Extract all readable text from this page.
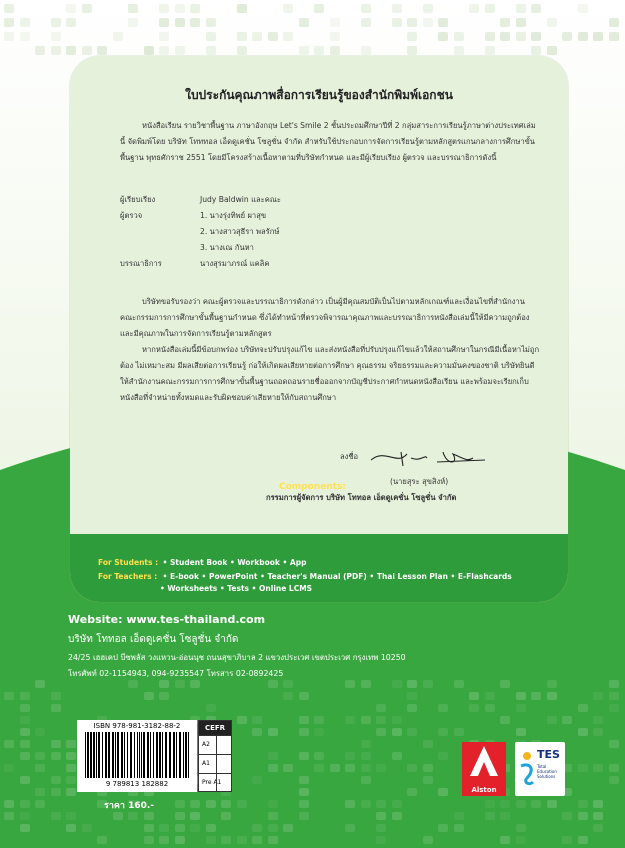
ใบประกันคุณภาพสื่อการเรียนรู้ของสำนักพิมพ์เอกชน
หนังสือเรียน รายวิชาพื้นฐาน ภาษาอังกฤษ Let's Smile 2 ชั้นประถมศึกษาปีที่ 2 กลุ่มสาระการเรียนรู้ภาษาต่างประเทศเล่มนี้ จัดพิมพ์โดย บริษัท โทททอล เอ็ดดูเคชั่น โซลูชั่น จำกัด สำหรับใช้ประกอบการจัดการเรียนรู้ตามหลักสูตรแกนกลางการศึกษาขั้นพื้นฐาน พุทธศักราช 2551 โดยมีโครงสร้างเนื้อหาตามที่บริษัทกำหนด และมีผู้เรียบเรียง ผู้ตรวจ และบรรณาธิการดังนี้
ผู้เรียบเรียง	Judy Baldwin และคณะ
ผู้ตรวจ	1. นางรุ่งทิพย์ ผาสุข
2. นางสาวสุธีรา พลรักษ์
3. นางเณ กันหา
บรรณาธิการ	นางสุรมาภรณ์ แคลิค
บริษัทขอรับรองว่า คณะผู้ตรวจและบรรณาธิการดังกล่าว เป็นผู้มีคุณสมบัติเป็นไปตามหลักเกณฑ์และเงื่อนไขที่สำนักงานคณะกรรมการการศึกษาขั้นพื้นฐานกำหนด ซึ่งได้ทำหน้าที่ตรวจพิจารณาคุณภาพและบรรณาธิการหนังสือเล่มนี้ให้มีความถูกต้องและมีคุณภาพในการจัดการเรียนรู้ตามหลักสูตร
หากหนังสือเล่มนี้มีข้อบกพร่อง บริษัทจะปรับปรุงแก้ไข และส่งหนังสือที่ปรับปรุงแก้ไขแล้วให้สถานศึกษาในกรณีมีเนื้อหาไม่ถูกต้อง ไม่เหมาะสม มีผลเสียต่อการเรียนรู้ ก่อให้เกิดผลเสียหายต่อการศึกษา คุณธรรม จริยธรรมและความมั่นคงของชาติ บริษัทยินดีให้สำนักงานคณะกรรมการการศึกษาขั้นพื้นฐานถอดถอนรายชื่อออกจากบัญชีประกาศกำหนดหนังสือเรียน และพร้อมจะเรียกเก็บหนังสือที่จำหน่ายทั้งหมดและรับผิดชอบค่าเสียหายให้กับสถานศึกษา
ลงชื่อ
(นายสุระ สุขสิงห์)
กรรมการผู้จัดการ บริษัท โททอล เอ็ดดูเคชั่น โซลูชั่น จำกัด
Components:
For Students : • Student Book • Workbook • App
For Teachers : • E-book • PowerPoint • Teacher's Manual (PDF) • Thai Lesson Plan • E-Flashcards
• Worksheets • Tests • Online LCMS
Website: www.tes-thailand.com
บริษัท โททอล เอ็ดดูเคชั่น โซลูชั่น จำกัด
24/25 เฮฮเคป บีซพลัส วงแหวน-อ่อนนุช ถนนสุขาภิบาล 2 แขวงประเวศ เขตประเวศ กรุงเทพ 10250
โทรศัพท์ 02-1154943, 094-9235547 โทรสาร 02-0892425
ISBN 978-981-3182-88-2
9 789813 182882
CEFR
A2
A1
Pre A1
ราคา 160.-
Alston
TES
Total Education Solutions
